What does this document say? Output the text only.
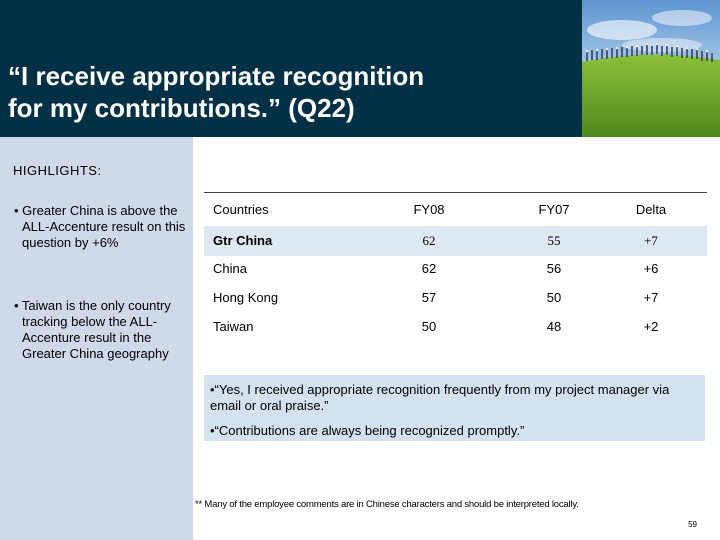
“I receive appropriate recognition
for my contributions.” (Q22)
HIGHLIGHTS:
• Greater China is above the ALL-Accenture result on this question by +6%
• Taiwan is the only country tracking below the ALL-Accenture result in the Greater China geography
Countries	FY08	FY07	Delta
Gtr China	62	55	+7
China	62	56	+6
Hong Kong	57	50	+7
Taiwan	50	48	+2
•“Yes, I received appropriate recognition frequently from my project manager via email or oral praise.”
•“Contributions are always being recognized promptly.”
** Many of the employee comments are in Chinese characters and should be interpreted locally.
59
